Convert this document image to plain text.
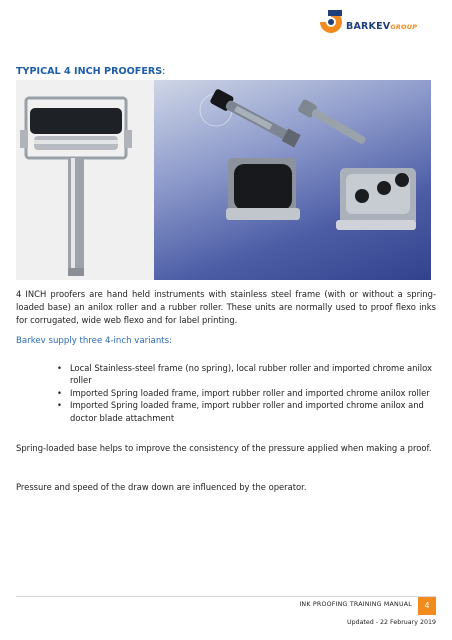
BARKEVGROUP
TYPICAL 4 INCH PROOFERS:

4 INCH proofers are hand held instruments with stainless steel frame (with or without a spring-loaded base) an anilox roller and a rubber roller. These units are normally used to proof flexo inks for corrugated, wide web flexo and for label printing.

Barkev supply three 4-inch variants:
• Local Stainless-steel frame (no spring), local rubber roller and imported chrome anilox roller
• Imported Spring loaded frame, import rubber roller and imported chrome anilox roller
• Imported Spring loaded frame, import rubber roller and imported chrome anilox and doctor blade attachment

Spring-loaded base helps to improve the consistency of the pressure applied when making a proof.

Pressure and speed of the draw down are influenced by the operator.

INK PROOFING TRAINING MANUAL	4
Updated - 22 February 2019
